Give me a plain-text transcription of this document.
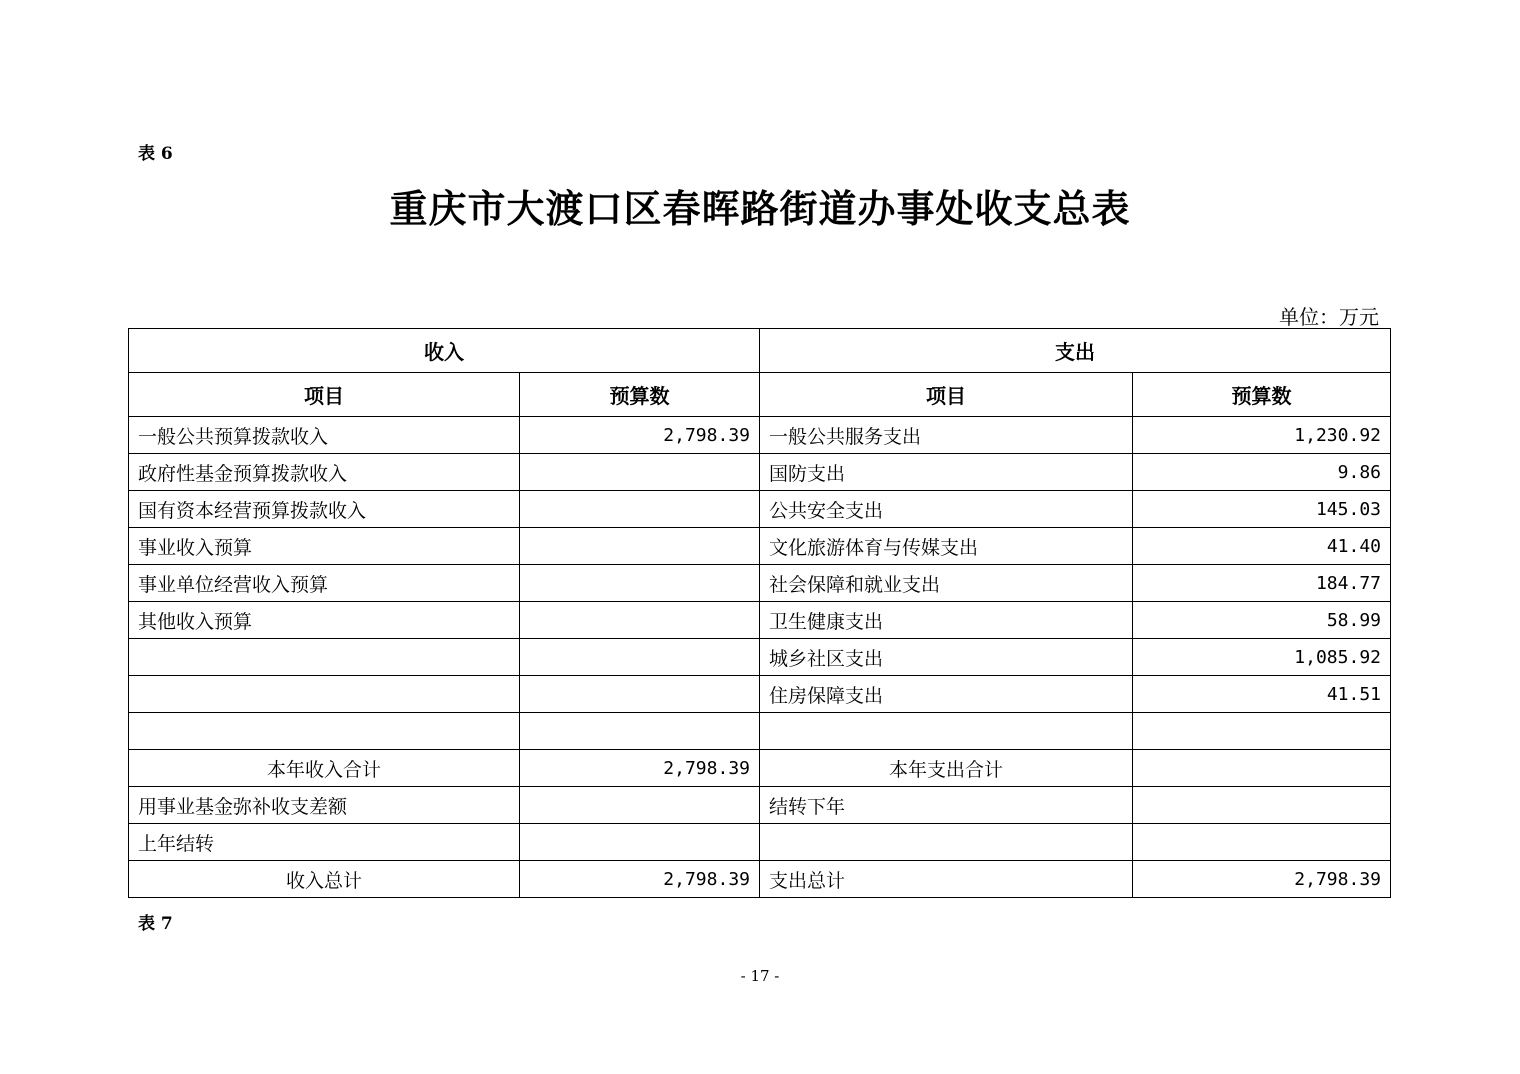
表 6
重庆市大渡口区春晖路街道办事处收支总表
单位：万元
收入		支出	
项目	预算数	项目	预算数
一般公共预算拨款收入	2,798.39	一般公共服务支出	1,230.92
政府性基金预算拨款收入		国防支出	9.86
国有资本经营预算拨款收入		公共安全支出	145.03
事业收入预算		文化旅游体育与传媒支出	41.40
事业单位经营收入预算		社会保障和就业支出	184.77
其他收入预算		卫生健康支出	58.99
		城乡社区支出	1,085.92
		住房保障支出	41.51

本年收入合计	2,798.39	本年支出合计	
用事业基金弥补收支差额		结转下年	
上年结转			
收入总计	2,798.39	支出总计	2,798.39
表 7
- 17 -
